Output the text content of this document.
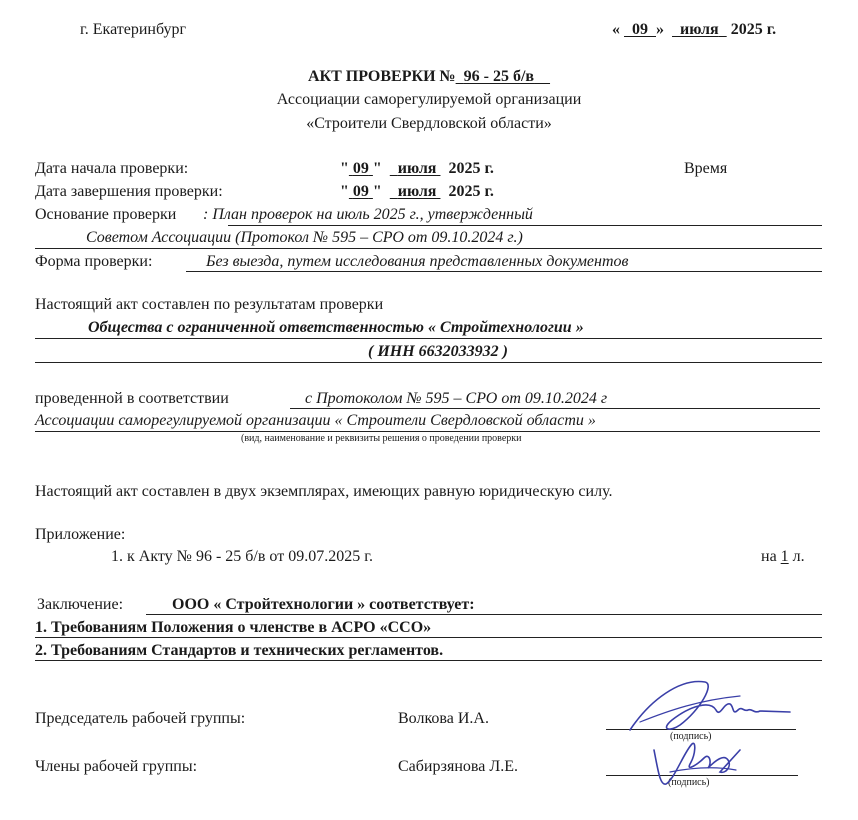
г. Екатеринбург	« 09 » июля 2025 г.
АКТ ПРОВЕРКИ № 96 - 25 б/в
Ассоциации саморегулируемой организации
«Строители Свердловской области»
Дата начала проверки:	" 09 "    июля 2025 г.	Время
Дата завершения проверки:	" 09 "    июля 2025 г.
Основание проверки : План проверок на июль 2025 г., утвержденный
Советом Ассоциации (Протокол № 595 – СРО от 09.10.2024 г.)
Форма проверки:	Без выезда, путем исследования представленных документов
Настоящий акт составлен по результатам проверки
Общества с ограниченной ответственностью « Стройтехнологии »
( ИНН 6632033932 )
проведенной в соответствии	с Протоколом № 595 – СРО от 09.10.2024 г
Ассоциации саморегулируемой организации « Строители Свердловской области »
(вид, наименование и реквизиты решения о проведении проверки
Настоящий акт составлен в двух экземплярах, имеющих равную юридическую силу.
Приложение:
1. к Акту № 96 - 25 б/в от 09.07.2025 г.	на 1 л.
Заключение:	ООО « Стройтехнологии » соответствует:
1. Требованиям Положения о членстве в АСРО «ССО»
2. Требованиям Стандартов и технических регламентов.
Председатель рабочей группы:	Волкова И.А.
(подпись)
Члены рабочей группы:	Сабирзянова Л.Е.
(подпись)
